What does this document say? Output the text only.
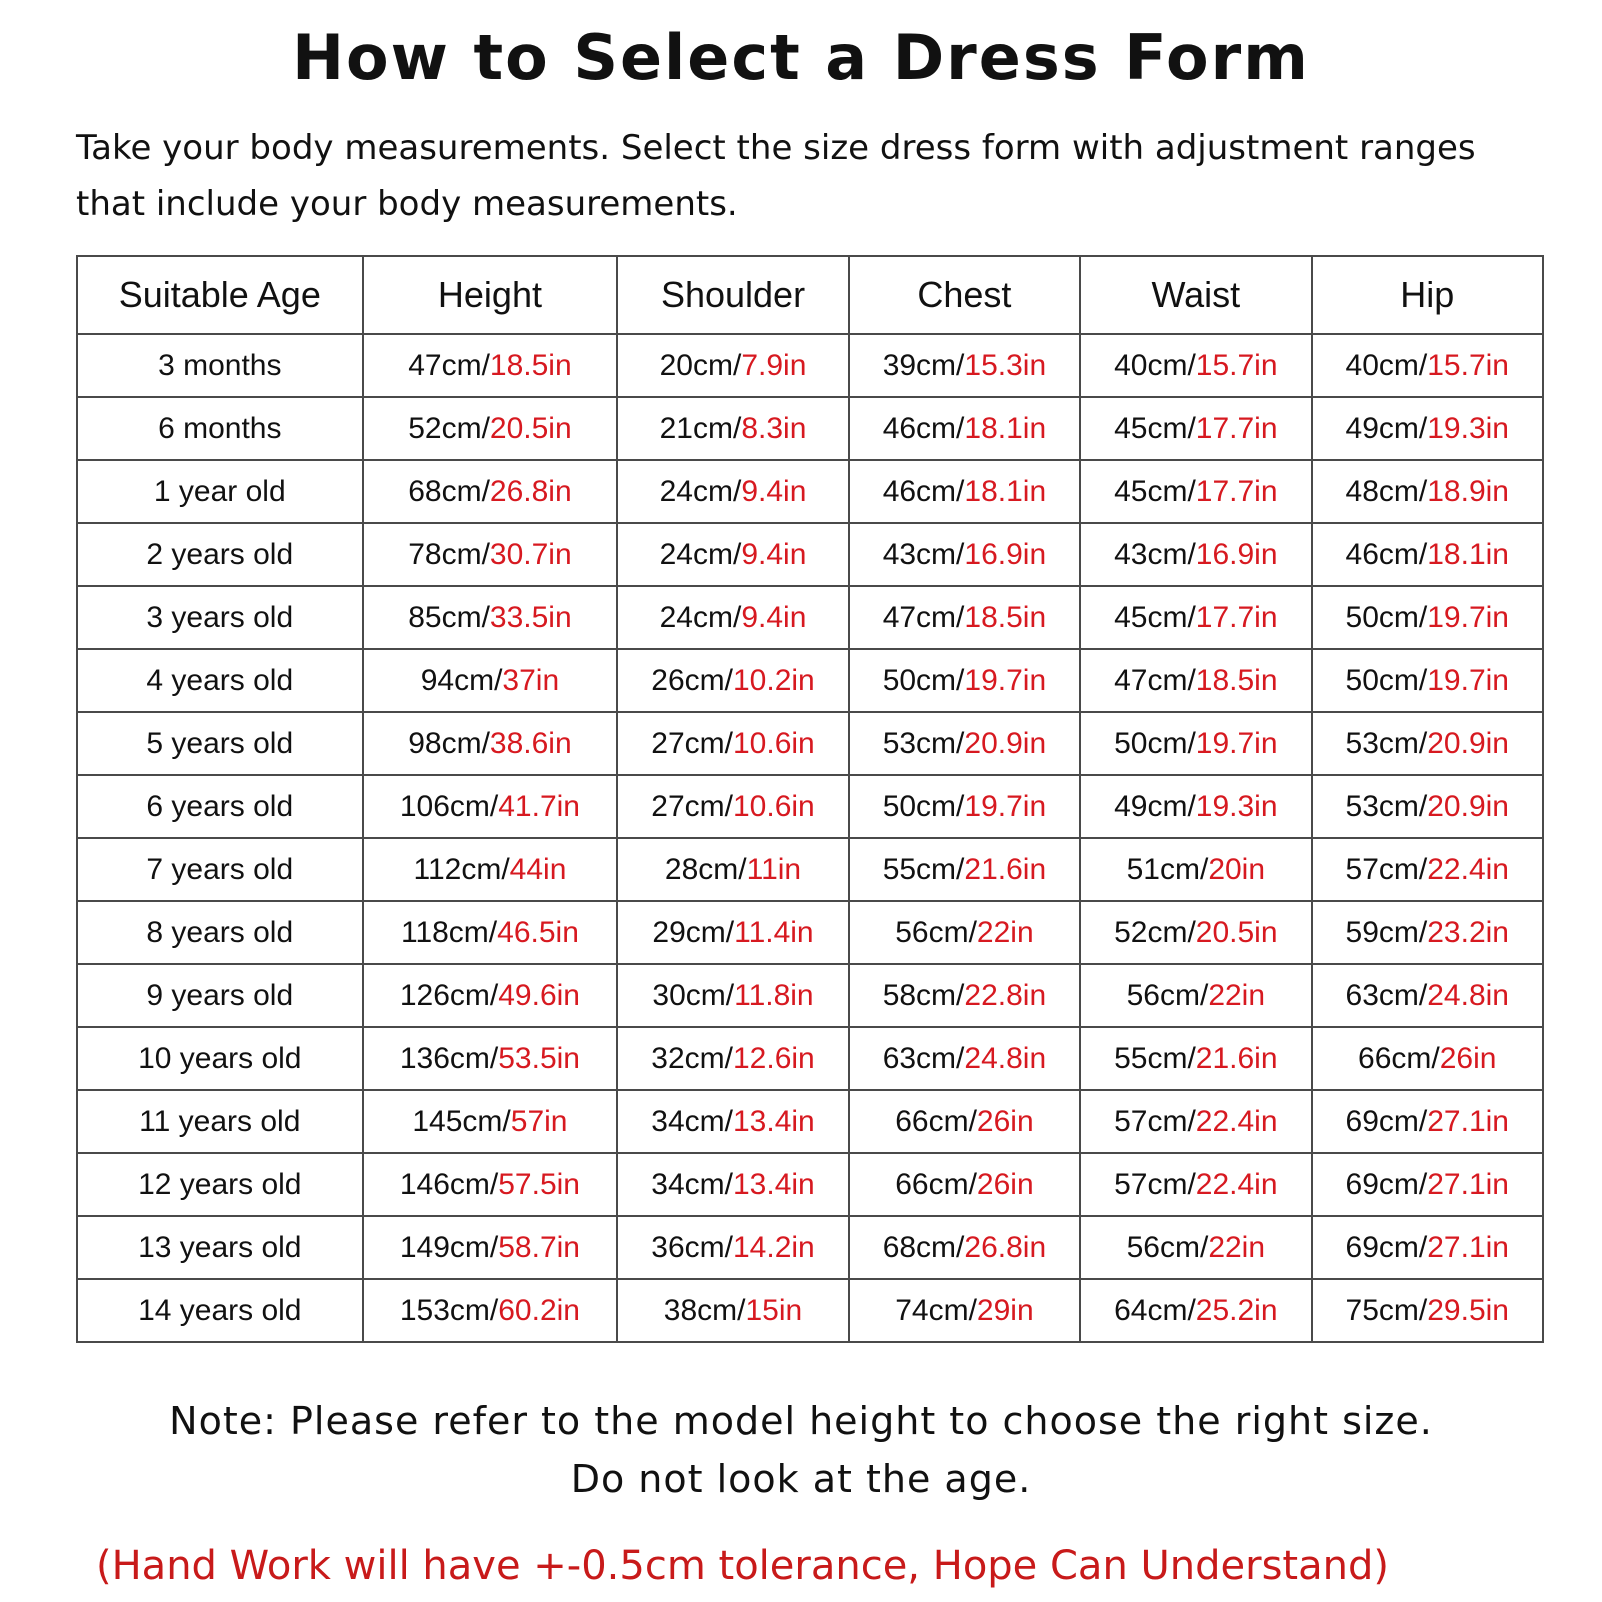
How to Select a Dress Form

Take your body measurements. Select the size dress form with adjustment ranges that include your body measurements.

Suitable Age	Height	Shoulder	Chest	Waist	Hip
3 months	47cm/18.5in	20cm/7.9in	39cm/15.3in	40cm/15.7in	40cm/15.7in
6 months	52cm/20.5in	21cm/8.3in	46cm/18.1in	45cm/17.7in	49cm/19.3in
1 year old	68cm/26.8in	24cm/9.4in	46cm/18.1in	45cm/17.7in	48cm/18.9in
2 years old	78cm/30.7in	24cm/9.4in	43cm/16.9in	43cm/16.9in	46cm/18.1in
3 years old	85cm/33.5in	24cm/9.4in	47cm/18.5in	45cm/17.7in	50cm/19.7in
4 years old	94cm/37in	26cm/10.2in	50cm/19.7in	47cm/18.5in	50cm/19.7in
5 years old	98cm/38.6in	27cm/10.6in	53cm/20.9in	50cm/19.7in	53cm/20.9in
6 years old	106cm/41.7in	27cm/10.6in	50cm/19.7in	49cm/19.3in	53cm/20.9in
7 years old	112cm/44in	28cm/11in	55cm/21.6in	51cm/20in	57cm/22.4in
8 years old	118cm/46.5in	29cm/11.4in	56cm/22in	52cm/20.5in	59cm/23.2in
9 years old	126cm/49.6in	30cm/11.8in	58cm/22.8in	56cm/22in	63cm/24.8in
10 years old	136cm/53.5in	32cm/12.6in	63cm/24.8in	55cm/21.6in	66cm/26in
11 years old	145cm/57in	34cm/13.4in	66cm/26in	57cm/22.4in	69cm/27.1in
12 years old	146cm/57.5in	34cm/13.4in	66cm/26in	57cm/22.4in	69cm/27.1in
13 years old	149cm/58.7in	36cm/14.2in	68cm/26.8in	56cm/22in	69cm/27.1in
14 years old	153cm/60.2in	38cm/15in	74cm/29in	64cm/25.2in	75cm/29.5in
Note: Please refer to the model height to choose the right size.
Do not look at the age.
(Hand Work will have +-0.5cm tolerance, Hope Can Understand)
